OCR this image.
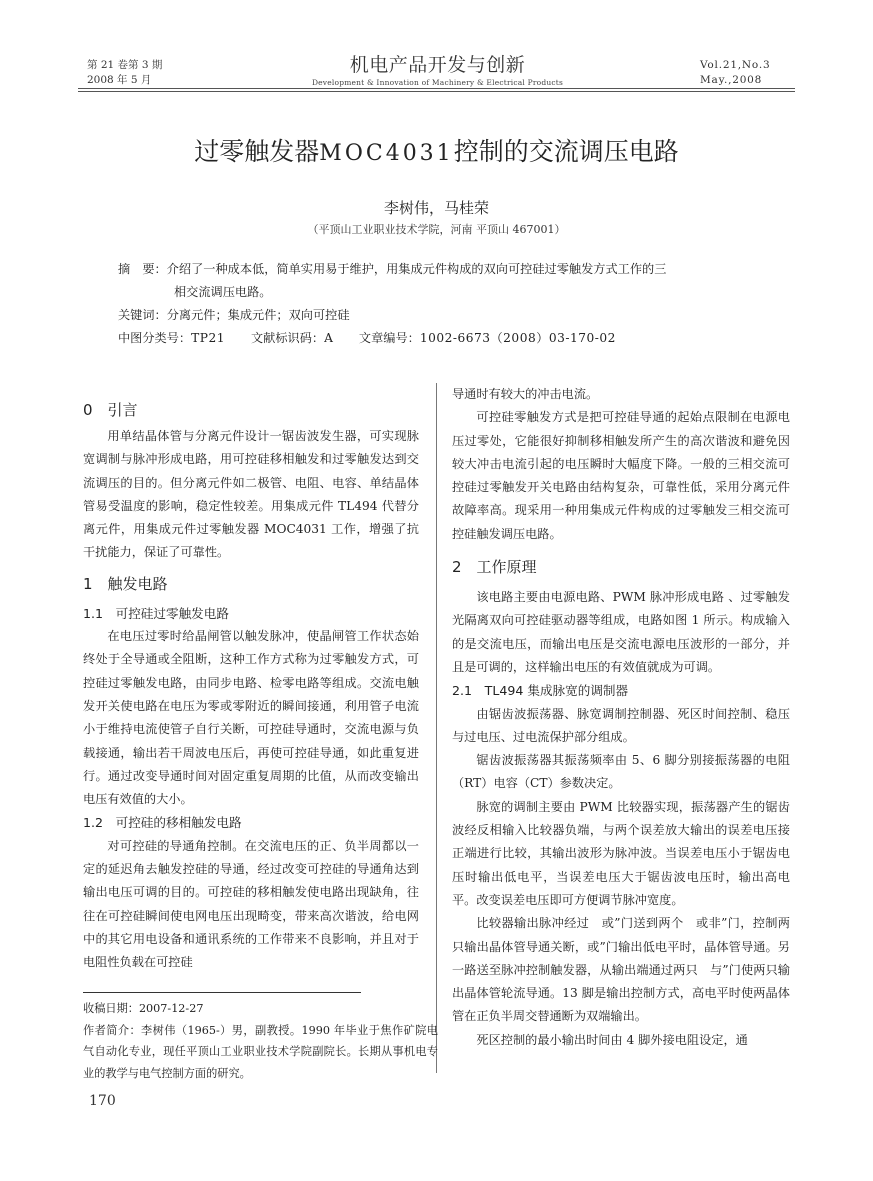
第 21 卷第 3 期
2008 年 5 月
机电产品开发与创新
Development & Innovation of Machinery & Electrical Products
Vol.21,No.3
May.,2008
过零触发器MOC4031控制的交流调压电路
李树伟，马桂荣
（平顶山工业职业技术学院，河南 平顶山 467001）
摘　要： 介绍了一种成本低，简单实用易于维护，用集成元件构成的双向可控硅过零触发方式工作的三
相交流调压电路。
关键词： 分离元件；集成元件；双向可控硅
中图分类号： TP21 文献标识码： A 文章编号： 1002-6673（2008）03-170-02
0　引言

用单结晶体管与分离元件设计一锯齿波发生器，可实现脉宽调制与脉冲形成电路，用可控硅移相触发和过零触发达到交流调压的目的。但分离元件如二极管、电阻、电容、单结晶体管易受温度的影响，稳定性较差。用集成元件 TL494 代替分离元件，用集成元件过零触发器 MOC4031 工作，增强了抗干扰能力，保证了可靠性。

1　触发电路
1.1　可控硅过零触发电路

在电压过零时给晶闸管以触发脉冲，使晶闸管工作状态始终处于全导通或全阻断，这种工作方式称为过零触发方式，可控硅过零触发电路，由同步电路、检零电路等组成。交流电触发开关使电路在电压为零或零附近的瞬间接通，利用管子电流小于维持电流使管子自行关断，可控硅导通时，交流电源与负载接通，输出若干周波电压后，再使可控硅导通，如此重复进行。通过改变导通时间对固定重复周期的比值，从而改变输出电压有效值的大小。

1.2　可控硅的移相触发电路

对可控硅的导通角控制。在交流电压的正、负半周都以一定的延迟角去触发控硅的导通，经过改变可控硅的导通角达到输出电压可调的目的。可控硅的移相触发使电路出现缺角，往往在可控硅瞬间使电网电压出现畸变，带来高次谐波，给电网中的其它用电设备和通讯系统的工作带来不良影响，并且对于电阻性负载在可控硅

导通时有较大的冲击电流。

可控硅零触发方式是把可控硅导通的起始点限制在电源电压过零处，它能很好抑制移相触发所产生的高次谐波和避免因较大冲击电流引起的电压瞬时大幅度下降。一般的三相交流可控硅过零触发开关电路由结构复杂，可靠性低，采用分离元件故障率高。现采用一种用集成元件构成的过零触发三相交流可控硅触发调压电路。

2　工作原理

该电路主要由电源电路、PWM 脉冲形成电路 、过零触发光隔离双向可控硅驱动器等组成，电路如图 1 所示。构成输入的是交流电压，而输出电压是交流电源电压波形的一部分，并且是可调的，这样输出电压的有效值就成为可调。

2.1　TL494 集成脉宽的调制器

由锯齿波振荡器、脉宽调制控制器、死区时间控制、稳压与过电压、过电流保护部分组成。

锯齿波振荡器其振荡频率由 5、6 脚分别接振荡器的电阻（RT）电容（CT）参数决定。

脉宽的调制主要由 PWM 比较器实现，振荡器产生的锯齿波经反相输入比较器负端，与两个误差放大输出的误差电压接正端进行比较，其输出波形为脉冲波。当误差电压小于锯齿电压时输出低电平，当误差电压大于锯齿波电压时，输出高电平。改变误差电压即可方便调节脉冲宽度。

比较器输出脉冲经过　或”门送到两个　或非”门，控制两只输出晶体管导通关断，或”门输出低电平时，晶体管导通。另一路送至脉冲控制触发器，从输出端通过两只　与”门使两只输出晶体管轮流导通。13 脚是输出控制方式，高电平时使两晶体管在正负半周交替通断为双端输出。

死区控制的最小输出时间由 4 脚外接电阻设定，通

收稿日期：2007-12-27
作者简介：李树伟（1965-）男，副教授。1990 年毕业于焦作矿院电气自动化专业，现任平顶山工业职业技术学院副院长。长期从事机电专业的教学与电气控制方面的研究。
170
